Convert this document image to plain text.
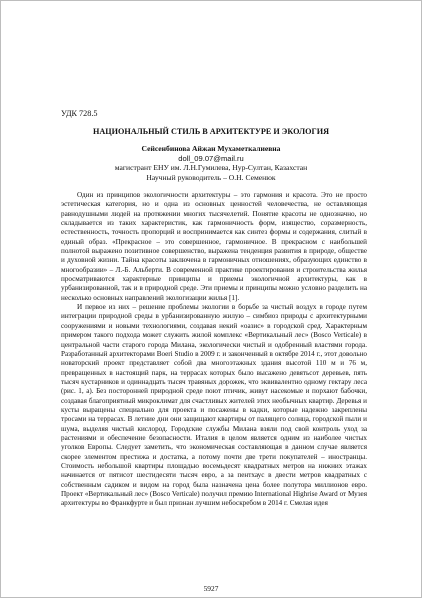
УДК 728.5
НАЦИОНАЛЬНЫЙ СТИЛЬ В АРХИТЕКТУРЕ И ЭКОЛОГИЯ
Сейсенбинова Айжан Мухаметкалиевна
doll_09.07@mail.ru
магистрант ЕНУ им. Л.Н.Гумилева, Нур-Султан, Казахстан
Научный руководитель – О.Н. Семенюк

Один из принципов экологичности архитектуры – это гармония и красота. Это не просто эстетическая категория, но и одна из основных ценностей человечества, не оставляющая равнодушными людей на протяжении многих тысячелетий. Понятие красоты не однозначно, но складывается из таких характеристик, как гармоничность форм, изящество, соразмерность, естественность, точность пропорций и воспринимается как синтез формы и содержания, слитый в единый образ. «Прекрасное – это совершенное, гармоничное. В прекрасном с наибольшей полнотой выражено позитивное совершенство, выражена тенденция развития в природе, обществе и духовной жизни. Тайна красоты заключена в гармоничных отношениях, образующих единство в многообразии» – Л.-Б. Альберти. В современной практике проектирования и строительства жилья просматриваются характерные принципы и приемы экологичной архитектуры, как в урбанизированной, так и в природной среде. Эти приемы и принципы можно условно разделить на несколько основных направлений экологизации жилья [1].

И первое из них – решение проблемы экологии в борьбе за чистый воздух в городе путем интеграции природной среды в урбанизированную жилую – симбиоз природы с архитектурными сооружениями и новыми технологиями, создавая некий «оазис» в городской сред. Характерным примером такого подхода может служить жилой комплекс «Вертикальный лес» (Bosco Verticale) в центральной части старого города Милана, экологически чистый и одобренный властями города. Разработанный архитекторами Boeri Studio в 2009 г. и законченный в октябре 2014 г., этот довольно новаторский проект представляет собой два многоэтажных здания высотой 110 м и 76 м, превращенных в настоящий парк, на террасах которых было высажено девятьсот деревьев, пять тысяч кустарников и одиннадцать тысяч травяных дорожек, что эквивалентно одному гектару леса (рис. 1, а). Без посторонней природной среде поют птичик, живут насекомые и порхают бабочки, создавая благоприятный микроклимат для счастливых жителей этих необычных квартир. Деревья и кусты выращены специально для проекта и посажены в кадки, которые надежно закреплены тросами на террасах. В летние дни они защищают квартиры от палящего солнца, городской пыли и шума, выделяя чистый кислород. Городские службы Милана взяли под свой контроль уход за растениями и обеспечение безопасности. Италия в целом является одним из наиболее чистых уголков Европы. Следует заметить, что экономическая составляющая в данном случае является скорее элементом престижа и достатка, а потому почти две трети покупателей – иностранцы. Стоимость небольшой квартиры площадью восемьдесят квадратных метров на нижних этажах начинается от пятисот шестидесяти тысяч евро, а за пентхаус в двести метров квадратных с собственным садиком и видом на город была назначена цена более полутора миллионов евро. Проект «Вертикальный лес» (Bosco Verticale) получил премию International Highrise Award от Музея архитектуры во Франкфурте и был признан лучшим небоскребом в 2014 г. Смелая идея

5927
